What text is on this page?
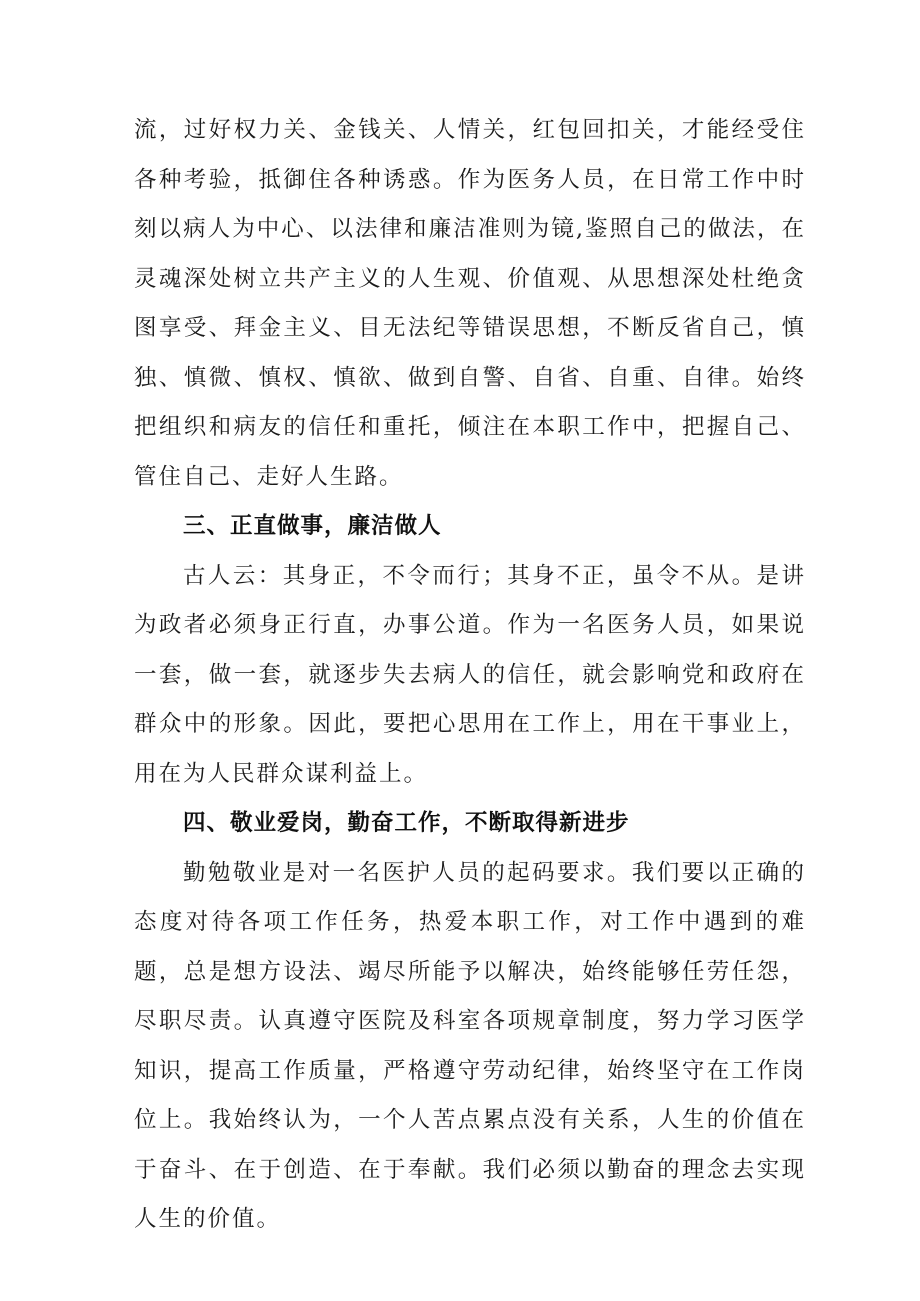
流，过好权力关、金钱关、人情关，红包回扣关，才能经受住各种考验，抵御住各种诱惑。作为医务人员，在日常工作中时刻以病人为中心、以法律和廉洁准则为镜,鉴照自己的做法，在灵魂深处树立共产主义的人生观、价值观、从思想深处杜绝贪图享受、拜金主义、目无法纪等错误思想，不断反省自己，慎独、慎微、慎权、慎欲、做到自警、自省、自重、自律。始终把组织和病友的信任和重托，倾注在本职工作中，把握自己、管住自己、走好人生路。

三、正直做事，廉洁做人

古人云：其身正，不令而行；其身不正，虽令不从。是讲为政者必须身正行直，办事公道。作为一名医务人员，如果说一套，做一套，就逐步失去病人的信任，就会影响党和政府在群众中的形象。因此，要把心思用在工作上，用在干事业上，用在为人民群众谋利益上。

四、敬业爱岗，勤奋工作，不断取得新进步

勤勉敬业是对一名医护人员的起码要求。我们要以正确的态度对待各项工作任务，热爱本职工作，对工作中遇到的难题，总是想方设法、竭尽所能予以解决，始终能够任劳任怨，尽职尽责。认真遵守医院及科室各项规章制度，努力学习医学知识，提高工作质量，严格遵守劳动纪律，始终坚守在工作岗位上。我始终认为，一个人苦点累点没有关系，人生的价值在于奋斗、在于创造、在于奉献。我们必须以勤奋的理念去实现人生的价值。
